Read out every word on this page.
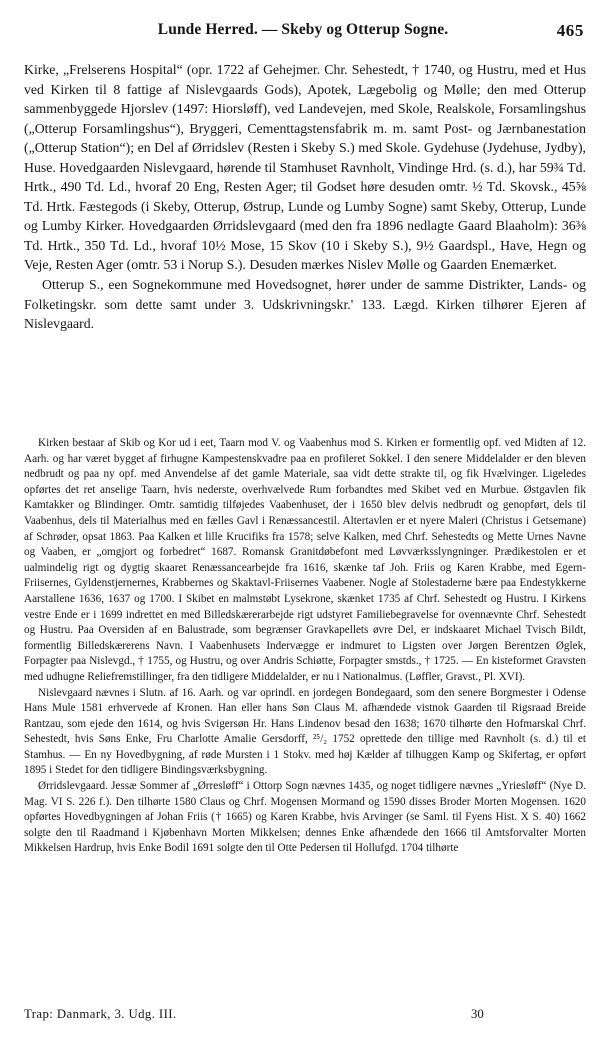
Lunde Herred. — Skeby og Otterup Sogne.	465

Kirke, „Frelserens Hospital“ (opr. 1722 af Gehejmer. Chr. Sehestedt, † 1740, og Hustru, med et Hus ved Kirken til 8 fattige af Nislevgaards Gods), Apotek, Lægebolig og Mølle; den med Otterup sammenbyggede Hjorslev (1497: Hiorsløff), ved Landevejen, med Skole, Realskole, Forsamlingshus („Otterup Forsamlingshus“), Bryggeri, Cementtagstensfabrik m. m. samt Post- og Jærnbanestation („Otterup Station“); en Del af Ørridslev (Resten i Skeby S.) med Skole. Gydehuse (Jydehuse, Jydby), Huse. Hovedgaarden Nislevgaard, hørende til Stamhuset Ravnholt, Vindinge Hrd. (s. d.), har 59¾ Td. Hrtk., 490 Td. Ld., hvoraf 20 Eng, Resten Ager; til Godset høre desuden omtr. ½ Td. Skovsk., 45⅝ Td. Hrtk. Fæstegods (i Skeby, Otterup, Østrup, Lunde og Lumby Sogne) samt Skeby, Otterup, Lunde og Lumby Kirker. Hovedgaarden Ørridslevgaard (med den fra 1896 nedlagte Gaard Blaaholm): 36⅜ Td. Hrtk., 350 Td. Ld., hvoraf 10½ Mose, 15 Skov (10 i Skeby S.), 9½ Gaardspl., Have, Hegn og Veje, Resten Ager (omtr. 53 i Norup S.). Desuden mærkes Nislev Mølle og Gaarden Enemærket.

Otterup S., een Sognekommune med Hovedsognet, hører under de samme Distrikter, Lands- og Folketingskr. som dette samt under 3. Udskrivningskr.' 133. Lægd. Kirken tilhører Ejeren af Nislevgaard.

Kirken bestaar af Skib og Kor ud i eet, Taarn mod V. og Vaabenhus mod S. Kirken er formentlig opf. ved Midten af 12. Aarh. og har været bygget af firhugne Kampestenskvadre paa en profileret Sokkel. I den senere Middelalder er den bleven nedbrudt og paa ny opf. med Anvendelse af det gamle Materiale, saa vidt dette strakte til, og fik Hvælvinger. Ligeledes opførtes det ret anselige Taarn, hvis nederste, overhvælvede Rum forbandtes med Skibet ved en Murbue. Østgavlen fik Kamtakker og Blindinger. Omtr. samtidig tilføjedes Vaabenhuset, der i 1650 blev delvis nedbrudt og genopført, dels til Vaabenhus, dels til Materialhus med en fælles Gavl i Renæssancestil. Altertavlen er et nyere Maleri (Christus i Getsemane) af Schrøder, opsat 1863. Paa Kalken et lille Krucifiks fra 1578; selve Kalken, med Chrf. Sehestedts og Mette Urnes Navne og Vaaben, er „omgjort og forbedret“ 1687. Romansk Granitdøbefont med Løvværksslyngninger. Prædikestolen er et ualmindelig rigt og dygtig skaaret Renæssancearbejde fra 1616, skænke taf Joh. Friis og Karen Krabbe, med Egern-Friisernes, Gyldenstjernernes, Krabbernes og Skaktavl-Friisernes Vaabener. Nogle af Stolestaderne bære paa Endestykkerne Aarstallene 1636, 1637 og 1700. I Skibet en malmstøbt Lysekrone, skænket 1735 af Chrf. Sehestedt og Hustru. I Kirkens vestre Ende er i 1699 indrettet en med Billedskærerarbejde rigt udstyret Familiebegravelse for ovennævnte Chrf. Sehestedt og Hustru. Paa Oversiden af en Balustrade, som begrænser Gravkapellets øvre Del, er indskaaret Michael Tvisch Bildt, formentlig Billedskærerens Navn. I Vaabenhusets Indervægge er indmuret to Ligsten over Jørgen Berentzen Øglek, Forpagter paa Nislevgd., † 1755, og Hustru, og over Andris Schiøtte, Forpagter smstds., † 1725. — En kistеformet Gravsten med udhugne Reliefremstillinger, fra den tidligere Middelalder, er nu i Nationalmus. (Løffler, Gravst., Pl. XVI).

Nislevgaard nævnes i Slutn. af 16. Aarh. og var oprindl. en jordegen Bondegaard, som den senere Borgmester i Odense Hans Mule 1581 erhvervede af Kronen. Han eller hans Søn Claus M. afhændede vistnok Gaarden til Rigsraad Breide Rantzau, som ejede den 1614, og hvis Svigersøn Hr. Hans Lindenov besad den 1638; 1670 tilhørte den Hofmarskal Chrf. Sehestedt, hvis Søns Enke, Fru Charlotte Amalie Gersdorff, ²⁵/₂ 1752 oprettede den tillige med Ravnholt (s. d.) til et Stamhus. — En ny Hovedbygning, af røde Mursten i 1 Stokv. med høj Kælder af tilhuggen Kamp og Skifertag, er opført 1895 i Stedet for den tidligere Bindingsværksbygning.

Ørridslevgaard. Jessæ Sommer af „Ørresløff“ i Ottorp Sogn nævnes 1435, og noget tidligere nævnes „Yriesløff“ (Nye D. Mag. VI S. 226 f.). Den tilhørte 1580 Claus og Chrf. Mogensen Mormand og 1590 disses Broder Morten Mogensen. 1620 opførtes Hovedbygningen af Johan Friis († 1665) og Karen Krabbe, hvis Arvinger (se Saml. til Fyens Hist. X S. 40) 1662 solgte den til Raadmand i Kjøbenhavn Morten Mikkelsen; dennes Enke afhændede den 1666 til Amtsforvalter Morten Mikkelsen Hardrup, hvis Enke Bodil 1691 solgte den til Otte Pedersen til Hollufgd. 1704 tilhørte

Trap: Danmark, 3. Udg. III.	30
